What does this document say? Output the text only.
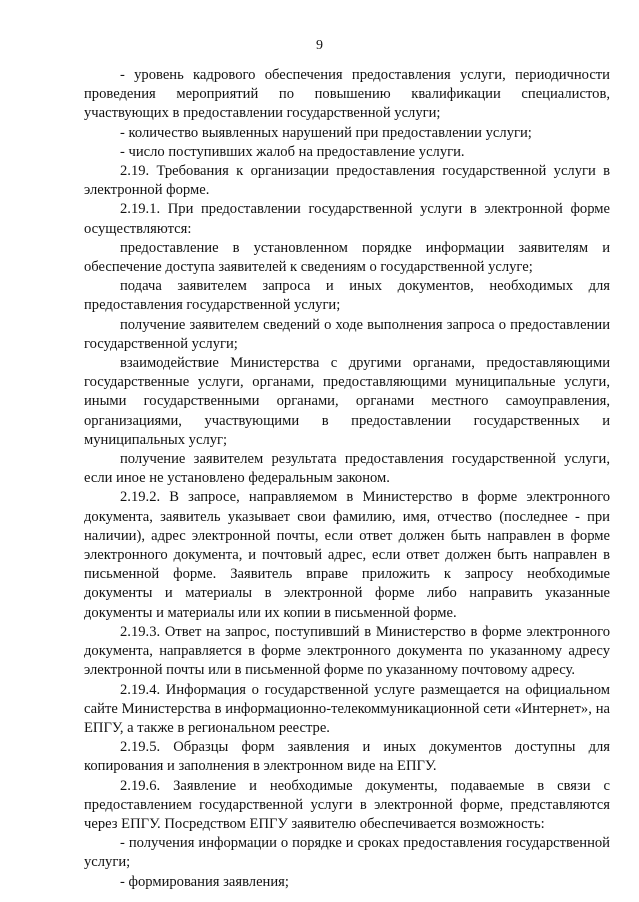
9

- уровень кадрового обеспечения предоставления услуги, периодичности проведения мероприятий по повышению квалификации специалистов, участвующих в предоставлении государственной услуги;

- количество выявленных нарушений при предоставлении услуги;

- число поступивших жалоб на предоставление услуги.

2.19. Требования к организации предоставления государственной услуги в электронной форме.

2.19.1. При предоставлении государственной услуги в электронной форме осуществляются:

предоставление в установленном порядке информации заявителям и обеспечение доступа заявителей к сведениям о государственной услуге;

подача заявителем запроса и иных документов, необходимых для предоставления государственной услуги;

получение заявителем сведений о ходе выполнения запроса о предоставлении государственной услуги;

взаимодействие Министерства с другими органами, предоставляющими государственные услуги, органами, предоставляющими муниципальные услуги, иными государственными органами, органами местного самоуправления, организациями, участвующими в предоставлении государственных и муниципальных услуг;

получение заявителем результата предоставления государственной услуги, если иное не установлено федеральным законом.

2.19.2. В запросе, направляемом в Министерство в форме электронного документа, заявитель указывает свои фамилию, имя, отчество (последнее - при наличии), адрес электронной почты, если ответ должен быть направлен в форме электронного документа, и почтовый адрес, если ответ должен быть направлен в письменной форме. Заявитель вправе приложить к запросу необходимые документы и материалы в электронной форме либо направить указанные документы и материалы или их копии в письменной форме.

2.19.3. Ответ на запрос, поступивший в Министерство в форме электронного документа, направляется в форме электронного документа по указанному адресу электронной почты или в письменной форме по указанному почтовому адресу.

2.19.4. Информация о государственной услуге размещается на официальном сайте Министерства в информационно-телекоммуникационной сети «Интернет», на ЕПГУ, а также в региональном реестре.

2.19.5. Образцы форм заявления и иных документов доступны для копирования и заполнения в электронном виде на ЕПГУ.

2.19.6. Заявление и необходимые документы, подаваемые в связи с предоставлением государственной услуги в электронной форме, представляются через ЕПГУ. Посредством ЕПГУ заявителю обеспечивается возможность:

- получения информации о порядке и сроках предоставления государственной услуги;

- формирования заявления;
